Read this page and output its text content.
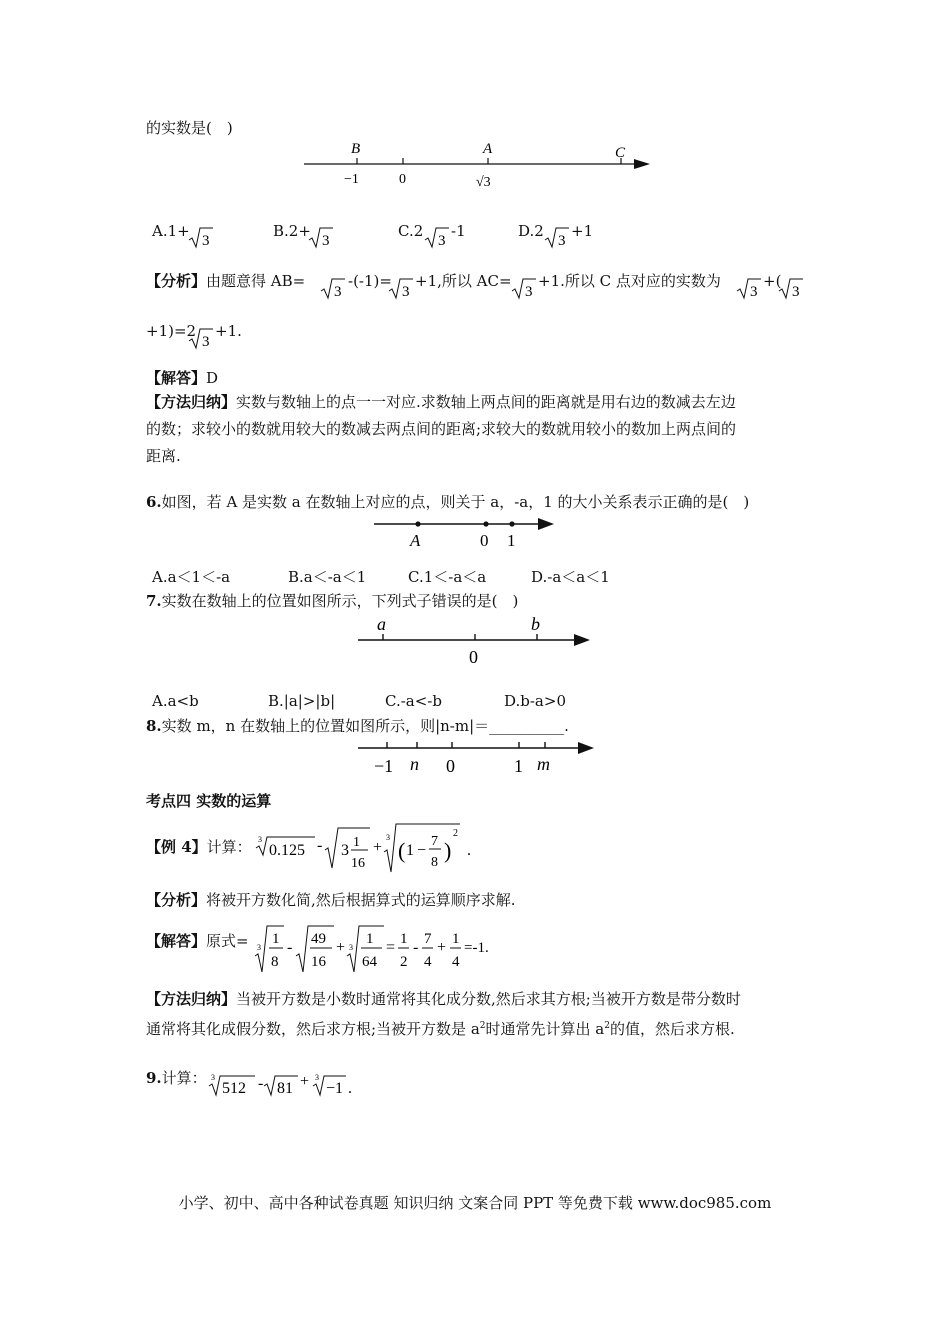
的实数是(　)
B	A	C
−1	0	√3
A.1+
3
B.2+
3
C.2
3
-1	D.2
3
+1
【分析】由题意得 AB=
3
-(-1)=
3
+1,所以 AC=
3
+1.所以 C 点对应的实数为
3
+(
3
+1)=2
3
+1.
【解答】D
【方法归纳】实数与数轴上的点一一对应.求数轴上两点间的距离就是用右边的数减去左边
的数；求较小的数就用较大的数减去两点间的距离;求较大的数就用较小的数加上两点间的
距离.
6.如图，若 A 是实数 a 在数轴上对应的点，则关于 a，-a，1 的大小关系表示正确的是(　)
A	0 1
A.a＜1＜-a	B.a＜-a＜1	C.1＜-a＜a	D.-a＜a＜1
7.实数在数轴上的位置如图所示，下列式子错误的是(　)
a	b
0
A.a<b	B.|a|>|b|	C.-a<-b	D.b-a>0
8.实数 m，n 在数轴上的位置如图所示，则|n-m|＝__________.
−1 n 0	1 m
考点四 实数的运算
【例 4】计算： 3
0.125 - 3 1
16
+
3
( 1 −
7
8 )
2
.
【分析】将被开方数化简,然后根据算式的运算顺序求解.
【解答】原式= 3
1
8
- 49
16
+ 3
1
64
= 1
2
- 7
4
+ 1
4
=-1.
【方法归纳】当被开方数是小数时通常将其化成分数,然后求其方根;当被开方数是带分数时
通常将其化成假分数，然后求方根;当被开方数是 $a^2$时通常先计算出 $a^2$的值，然后求方根.
9.计算： 3
512 - 81 + 3
−1 .
小学、初中、高中各种试卷真题 知识归纳 文案合同 PPT 等免费下载 www.doc985.com
